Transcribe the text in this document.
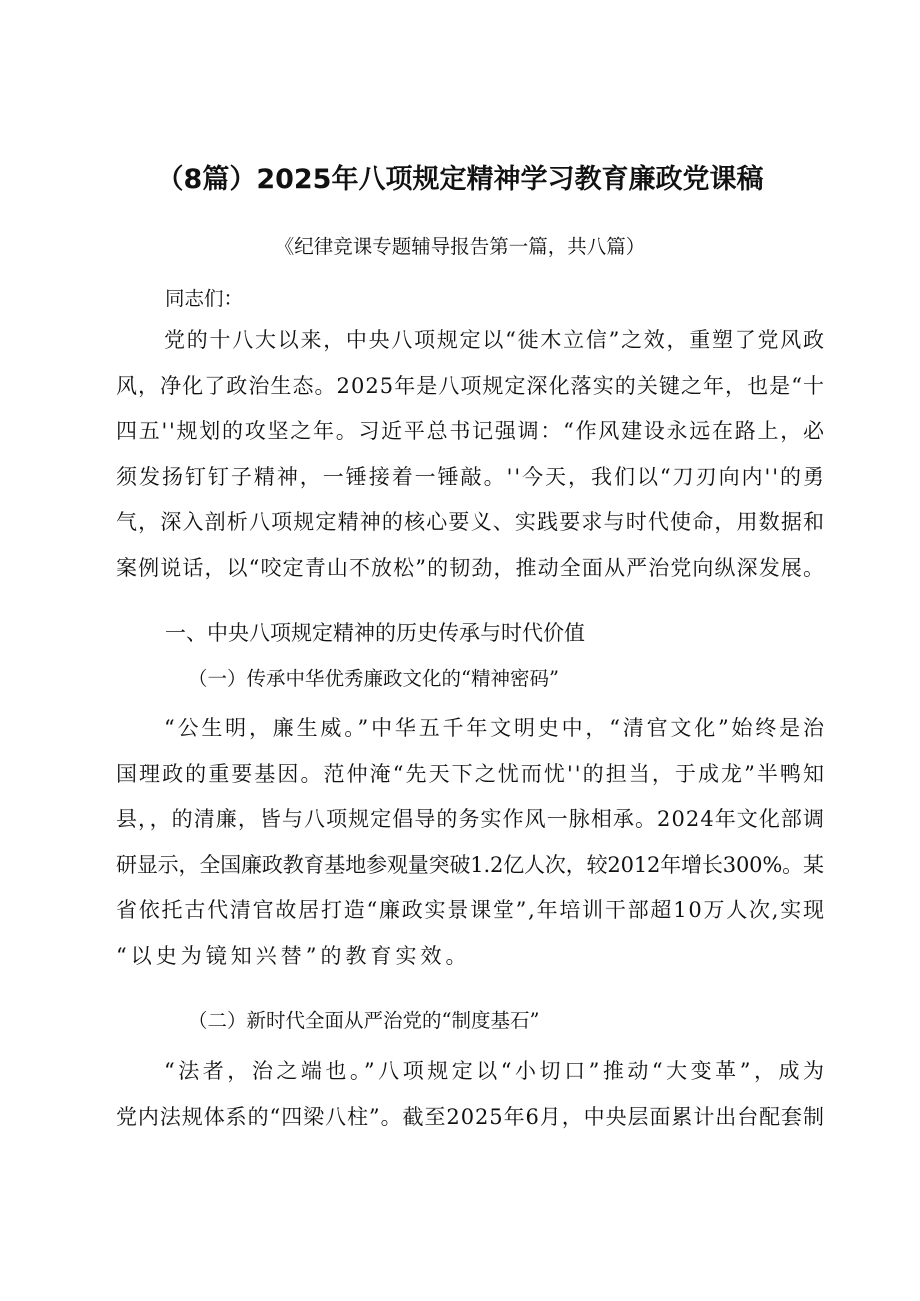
（8篇）2025年八项规定精神学习教育廉政党课稿
《纪律竞课专题辅导报告第一篇，共八篇）
同志们：
党的十八大以来，中央八项规定以“徙木立信”之效，重塑了党风政
风，净化了政治生态。2025年是八项规定深化落实的关键之年，也是“十
四五''规划的攻坚之年。习近平总书记强调：“作风建设永远在路上，必
须发扬钉钉子精神，一锤接着一锤敲。''今天，我们以“刀刃向内''的勇
气，深入剖析八项规定精神的核心要义、实践要求与时代使命，用数据和
案例说话，以“咬定青山不放松”的韧劲，推动全面从严治党向纵深发展。
一、中央八项规定精神的历史传承与时代价值
（一）传承中华优秀廉政文化的“精神密码”
“公生明，廉生威。”中华五千年文明史中，“清官文化”始终是治
国理政的重要基因。范仲淹“先天下之忧而忧''的担当，于成龙”半鸭知
县，，的清廉，皆与八项规定倡导的务实作风一脉相承。2024年文化部调
研显示，全国廉政教育基地参观量突破1.2亿人次，较2012年增长300%。某
省依托古代清官故居打造“廉政实景课堂”,年培训干部超10万人次,实现
“以史为镜知兴替”的教育实效。
（二）新时代全面从严治党的“制度基石”
“法者，治之端也。”八项规定以“小切口”推动“大变革”，成为
党内法规体系的“四梁八柱”。截至2025年6月，中央层面累计出台配套制
